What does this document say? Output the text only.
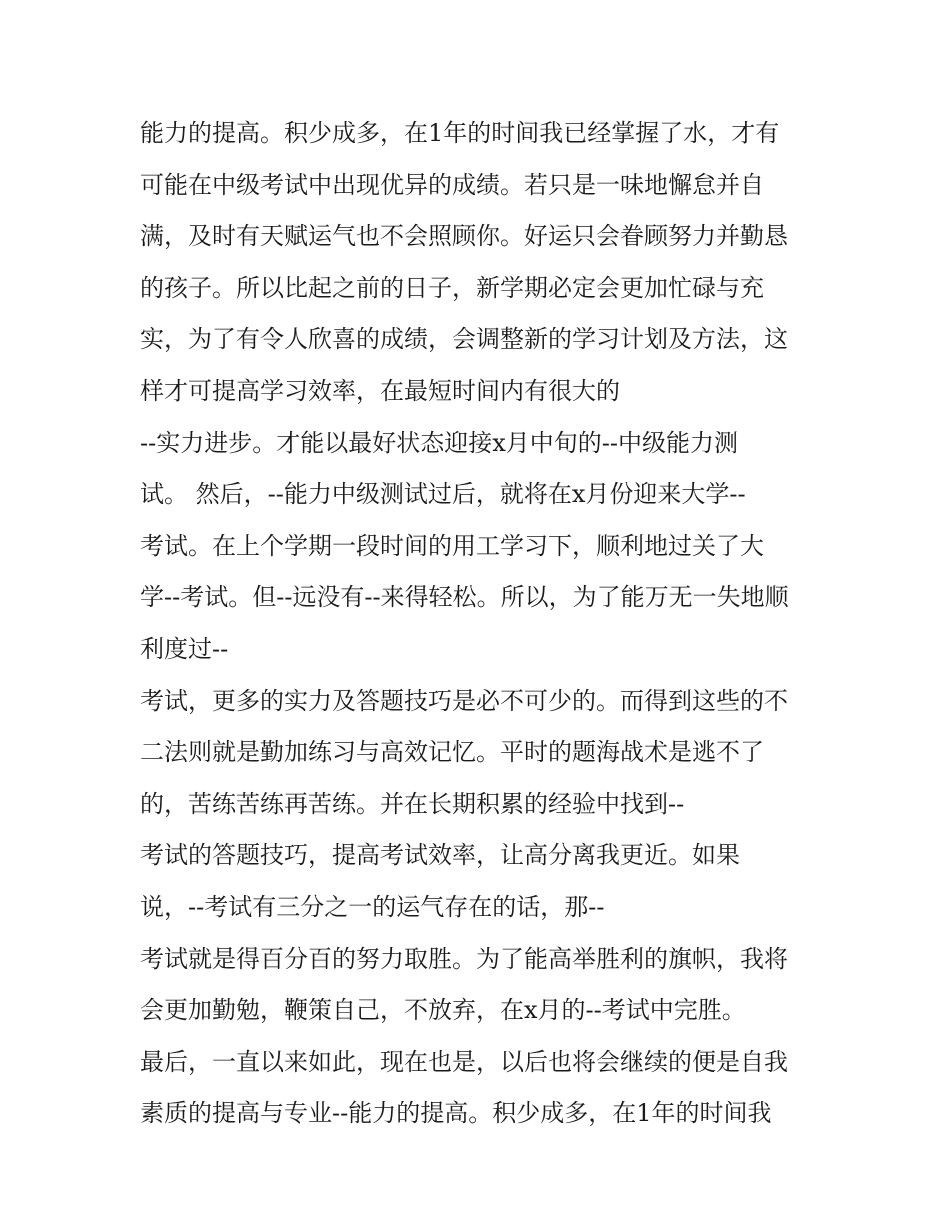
能力的提高。积少成多，在1年的时间我已经掌握了水，才有
可能在中级考试中出现优异的成绩。若只是一味地懈怠并自
满，及时有天赋运气也不会照顾你。好运只会眷顾努力并勤恳
的孩子。所以比起之前的日子，新学期必定会更加忙碌与充
实，为了有令人欣喜的成绩，会调整新的学习计划及方法，这
样才可提高学习效率，在最短时间内有很大的
--实力进步。才能以最好状态迎接x月中旬的--中级能力测
试。 然后，--能力中级测试过后，就将在x月份迎来大学--
考试。在上个学期一段时间的用工学习下，顺利地过关了大
学--考试。但--远没有--来得轻松。所以，为了能万无一失地顺
利度过--
考试，更多的实力及答题技巧是必不可少的。而得到这些的不
二法则就是勤加练习与高效记忆。平时的题海战术是逃不了
的，苦练苦练再苦练。并在长期积累的经验中找到--
考试的答题技巧，提高考试效率，让高分离我更近。如果
说，--考试有三分之一的运气存在的话，那--
考试就是得百分百的努力取胜。为了能高举胜利的旗帜，我将
会更加勤勉，鞭策自己，不放弃，在x月的--考试中完胜。
最后，一直以来如此，现在也是，以后也将会继续的便是自我
素质的提高与专业--能力的提高。积少成多，在1年的时间我
